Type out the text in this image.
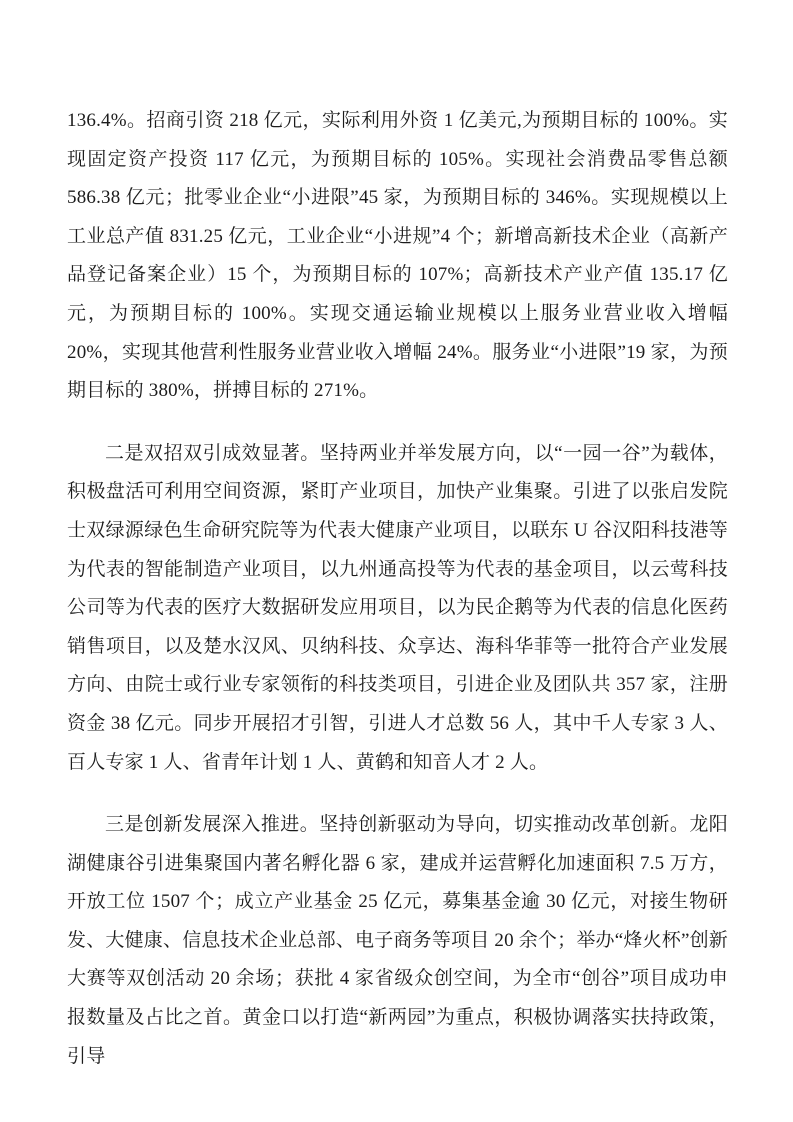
136.4%。招商引资 218 亿元，实际利用外资 1 亿美元,为预期目标的 100%。实现固定资产投资 117 亿元，为预期目标的 105%。实现社会消费品零售总额 586.38 亿元；批零业企业“小进限”45 家，为预期目标的 346%。实现规模以上工业总产值 831.25 亿元，工业企业“小进规”4 个；新增高新技术企业（高新产品登记备案企业）15 个，为预期目标的 107%；高新技术产业产值 135.17 亿元，为预期目标的 100%。实现交通运输业规模以上服务业营业收入增幅 20%，实现其他营利性服务业营业收入增幅 24%。服务业“小进限”19 家，为预期目标的 380%，拼搏目标的 271%。

二是双招双引成效显著。坚持两业并举发展方向，以“一园一谷”为载体，积极盘活可利用空间资源，紧盯产业项目，加快产业集聚。引进了以张启发院士双绿源绿色生命研究院等为代表大健康产业项目，以联东 U 谷汉阳科技港等为代表的智能制造产业项目，以九州通高投等为代表的基金项目，以云莺科技公司等为代表的医疗大数据研发应用项目，以为民企鹅等为代表的信息化医药销售项目，以及楚水汉风、贝纳科技、众享达、海科华菲等一批符合产业发展方向、由院士或行业专家领衔的科技类项目，引进企业及团队共 357 家，注册资金 38 亿元。同步开展招才引智，引进人才总数 56 人，其中千人专家 3 人、百人专家 1 人、省青年计划 1 人、黄鹤和知音人才 2 人。

三是创新发展深入推进。坚持创新驱动为导向，切实推动改革创新。龙阳湖健康谷引进集聚国内著名孵化器 6 家，建成并运营孵化加速面积 7.5 万方，开放工位 1507 个；成立产业基金 25 亿元，募集基金逾 30 亿元，对接生物研发、大健康、信息技术企业总部、电子商务等项目 20 余个；举办“烽火杯”创新大赛等双创活动 20 余场；获批 4 家省级众创空间，为全市“创谷”项目成功申报数量及占比之首。黄金口以打造“新两园”为重点，积极协调落实扶持政策，引导
